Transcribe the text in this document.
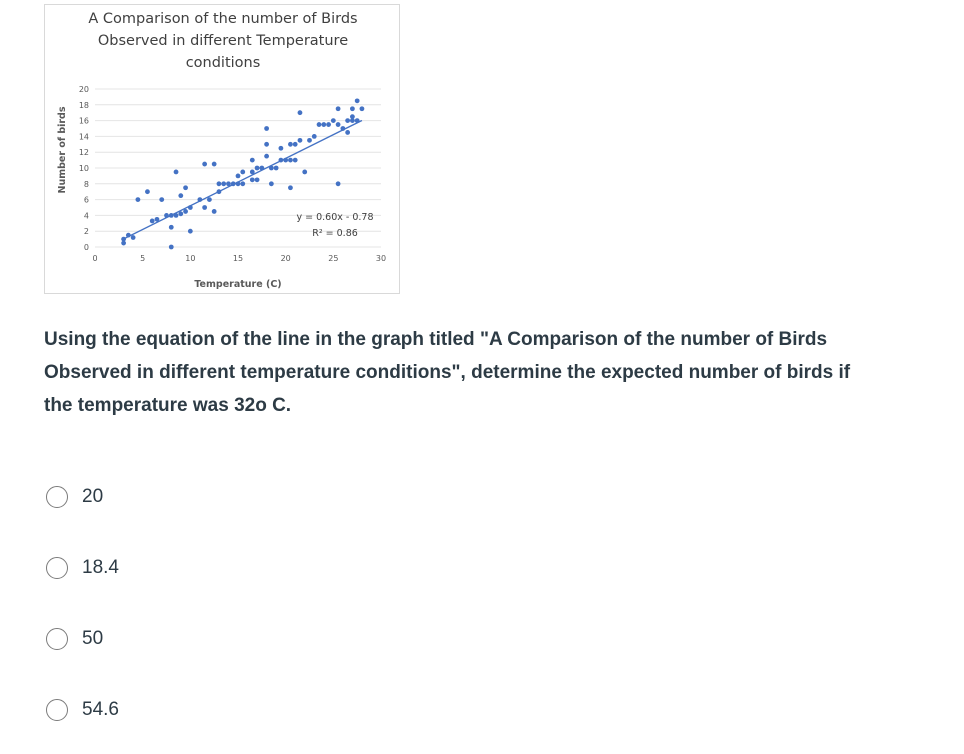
A Comparison of the number of Birds
Observed in different Temperature
conditions
0
2
4
6
8
10
12
14
16
18
20
0	5	10	15	20	25	30
y = 0.60x - 0.78
R² = 0.86
Temperature (C)
Number of birds

Using the equation of the line in the graph titled "A Comparison of the number of Birds Observed in different temperature conditions", determine the expected number of birds if the temperature was 32o C.

20
18.4
50
54.6
